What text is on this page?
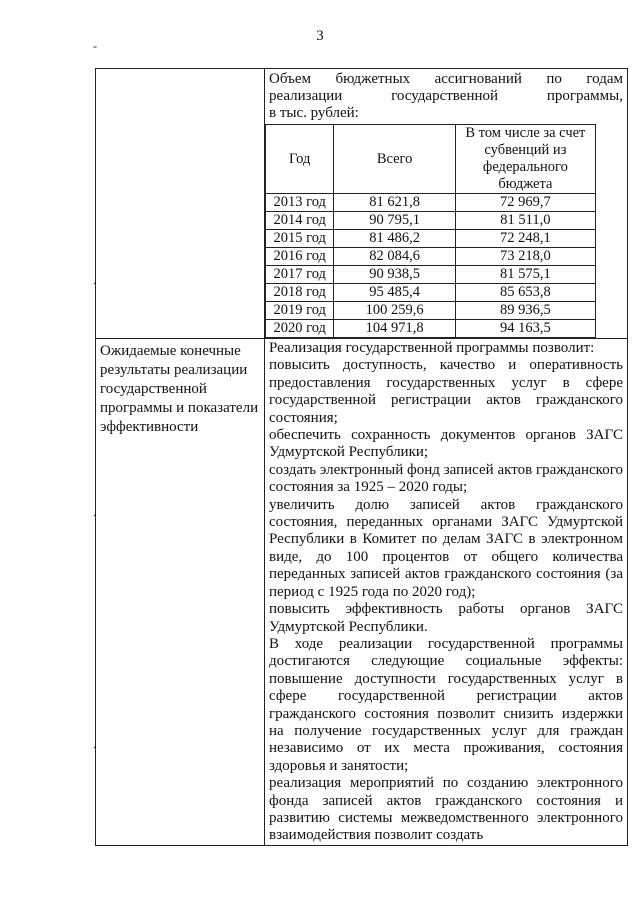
3
-
.
.
.

Объем бюджетных ассигнований по годам
реализации государственной программы,
в тыс. рублей:
Год	Всего	В том числе за счет субвенций из федерального бюджета
2013 год	81 621,8	72 969,7
2014 год	90 795,1	81 511,0
2015 год	81 486,2	72 248,1
2016 год	82 084,6	73 218,0
2017 год	90 938,5	81 575,1
2018 год	95 485,4	85 653,8
2019 год	100 259,6	89 936,5
2020 год	104 971,8	94 163,5

Ожидаемые конечные результаты реализации государственной программы и показатели эффективности

Реализация государственной программы позволит:

повысить доступность, качество и оперативность предоставления государственных услуг в сфере государственной регистрации актов гражданского состояния;

обеспечить сохранность документов органов ЗАГС Удмуртской Республики;

создать электронный фонд записей актов гражданского состояния за 1925 – 2020 годы;

увеличить долю записей актов гражданского состояния, переданных органами ЗАГС Удмуртской Республики в Комитет по делам ЗАГС в электронном виде, до 100 процентов от общего количества переданных записей актов гражданского состояния (за период с 1925 года по 2020 год);

повысить эффективность работы органов ЗАГС Удмуртской Республики.

В ходе реализации государственной программы достигаются следующие социальные эффекты: повышение доступности государственных услуг в сфере государственной регистрации актов гражданского состояния позволит снизить издержки на получение государственных услуг для граждан независимо от их места проживания, состояния здоровья и занятости;

реализация мероприятий по созданию электронного фонда записей актов гражданского состояния и развитию системы межведомственного электронного взаимодействия позволит создать
